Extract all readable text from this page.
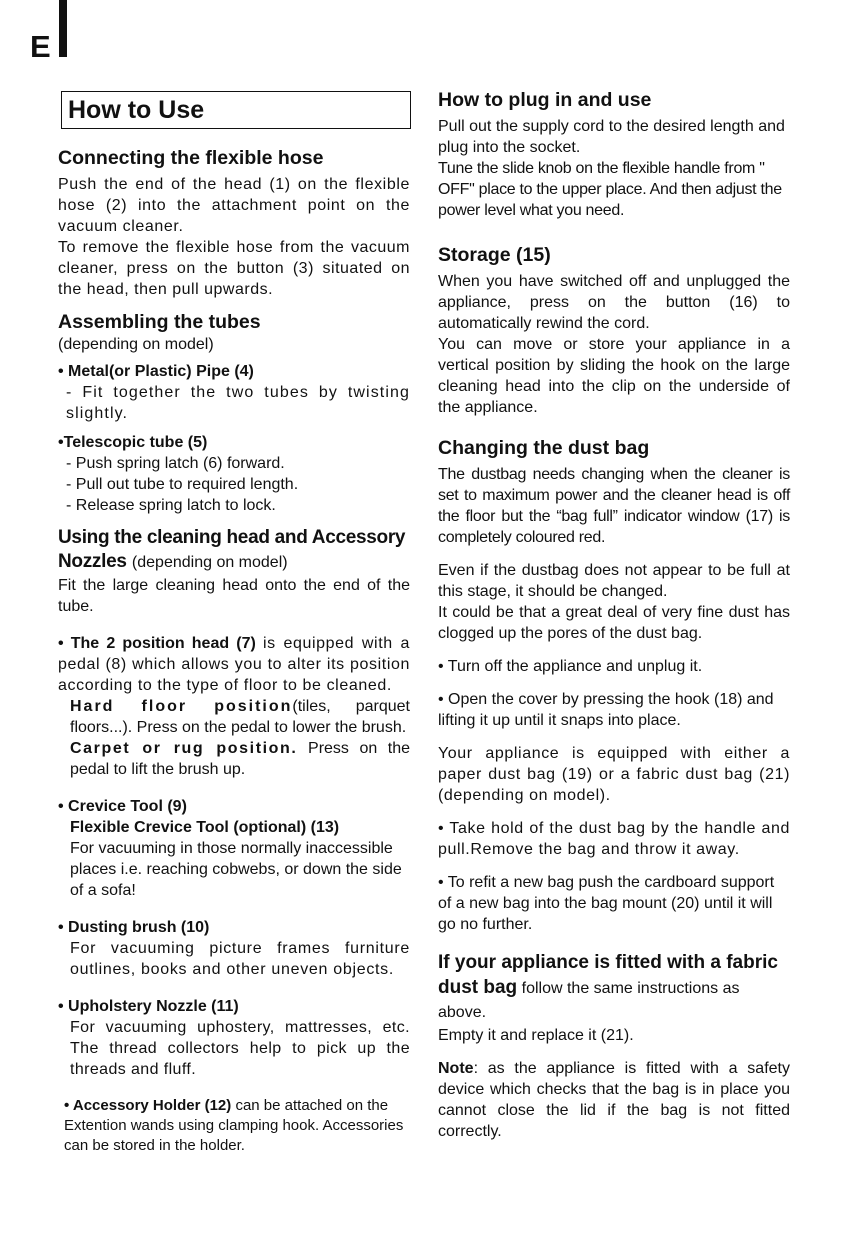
E
How to Use
Connecting the flexible hose

Push the end of the head (1) on the flexible hose (2) into the attachment point on the vacuum cleaner.

To remove the flexible hose from the vacuum cleaner, press on the button (3) situated on the head, then pull upwards.

Assembling the tubes

(depending on model)

• Metal(or Plastic) Pipe (4)

- Fit together the two tubes by twisting slightly.

•Telescopic tube (5)

- Push spring latch (6) forward.

- Pull out tube to required length.

- Release spring latch to lock.

Using the cleaning head and Accessory Nozzles (depending on model)

Fit the large cleaning head onto the end of the tube.

• The 2 position head (7) is equipped with a pedal (8) which allows you to alter its position according to the type of floor to be cleaned.

Hard floor position(tiles, parquet floors...). Press on the pedal to lower the brush.

Carpet or rug position. Press on the pedal to lift the brush up.

• Crevice Tool (9)

Flexible Crevice Tool (optional) (13)

For vacuuming in those normally inaccessible places i.e. reaching cobwebs, or down the side of a sofa!

• Dusting brush (10)

For vacuuming picture frames furniture outlines, books and other uneven objects.

• Upholstery Nozzle (11)

For vacuuming uphostery, mattresses, etc. The thread collectors help to pick up the threads and fluff.

• Accessory Holder (12) can be attached on the Extention wands using clamping hook. Accessories can be stored in the holder.

How to plug in and use

Pull out the supply cord to the desired length and plug into the socket.

Tune the slide knob on the flexible handle from " OFF" place to the upper place. And then adjust the power level what you need.

Storage (15)

When you have switched off and unplugged the appliance, press on the button (16) to automatically rewind the cord.

You can move or store your appliance in a vertical position by sliding the hook on the large cleaning head into the clip on the underside of the appliance.

Changing the dust bag

The dustbag needs changing when the cleaner is set to maximum power and the cleaner head is off the floor but the “bag full” indicator window (17) is completely coloured red.

Even if the dustbag does not appear to be full at this stage, it should be changed.

It could be that a great deal of very fine dust has clogged up the pores of the dust bag.

• Turn off the appliance and unplug it.

• Open the cover by pressing the hook (18) and lifting it up until it snaps into place.

Your appliance is equipped with either a paper dust bag (19) or a fabric dust bag (21) (depending on model).

• Take hold of the dust bag by the handle and pull.Remove the bag and throw it away.

• To refit a new bag push the cardboard support of a new bag into the bag mount (20) until it will go no further.

If your appliance is fitted with a fabric dust bag follow the same instructions as above.

Empty it and replace it (21).

Note: as the appliance is fitted with a safety device which checks that the bag is in place you cannot close the lid if the bag is not fitted correctly.
